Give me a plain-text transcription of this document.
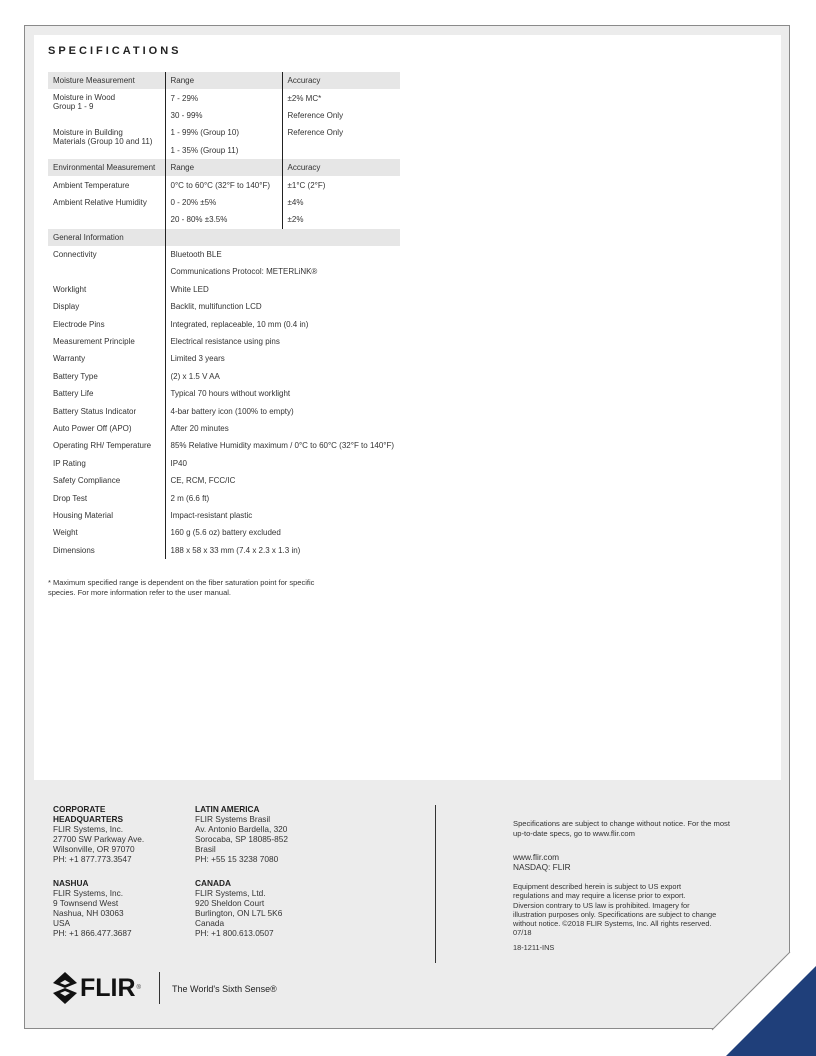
SPECIFICATIONS
Moisture Measurement	Range	Accuracy
Moisture in Wood
Group 1 - 9	7 - 29%	±2% MC*
	30 - 99%	Reference Only
Moisture in Building
Materials (Group 10 and 11)	1 - 99% (Group 10)	Reference Only
	1 - 35% (Group 11)	
Environmental Measurement	Range	Accuracy
Ambient Temperature	0°C to 60°C (32°F to 140°F)	±1°C (2°F)
Ambient Relative Humidity	0 - 20% ±5%	±4%
	20 - 80% ±3.5%	±2%
General Information		
Connectivity	Bluetooth BLE	
	Communications Protocol: METERLiNK®	
Worklight	White LED	
Display	Backlit, multifunction LCD	
Electrode Pins	Integrated, replaceable, 10 mm (0.4 in)	
Measurement Principle	Electrical resistance using pins	
Warranty	Limited 3 years	
Battery Type	(2) x 1.5 V AA	
Battery Life	Typical 70 hours without worklight	
Battery Status Indicator	4-bar battery icon (100% to empty)	
Auto Power Off (APO)	After 20 minutes	
Operating RH/ Temperature	85% Relative Humidity maximum / 0°C to 60°C (32°F to 140°F)	
IP Rating	IP40	
Safety Compliance	CE, RCM, FCC/IC	
Drop Test	2 m (6.6 ft)	
Housing Material	Impact-resistant plastic	
Weight	160 g (5.6 oz) battery excluded	
Dimensions	188 x 58 x 33 mm (7.4 x 2.3 x 1.3 in)	
* Maximum specified range is dependent on the fiber saturation point for specific species. For more information refer to the user manual.
CORPORATE
HEADQUARTERS
FLIR Systems, Inc.
27700 SW Parkway Ave.
Wilsonville, OR 97070
PH: +1 877.773.3547
NASHUA
FLIR Systems, Inc.
9 Townsend West
Nashua, NH 03063
USA
PH: +1 866.477.3687
LATIN AMERICA
FLIR Systems Brasil
Av. Antonio Bardella, 320
Sorocaba, SP 18085-852
Brasil
PH: +55 15 3238 7080
CANADA
FLIR Systems, Ltd.
920 Sheldon Court
Burlington, ON L7L 5K6
Canada
PH: +1 800.613.0507
Specifications are subject to change without notice. For the most up-to-date specs, go to www.flir.com
www.flir.com
NASDAQ: FLIR
Equipment described herein is subject to US export regulations and may require a license prior to export. Diversion contrary to US law is prohibited. Imagery for illustration purposes only. Specifications are subject to change without notice. ©2018 FLIR Systems, Inc. All rights reserved. 07/18
18-1211-INS
FLIR ®	The World's Sixth Sense®
